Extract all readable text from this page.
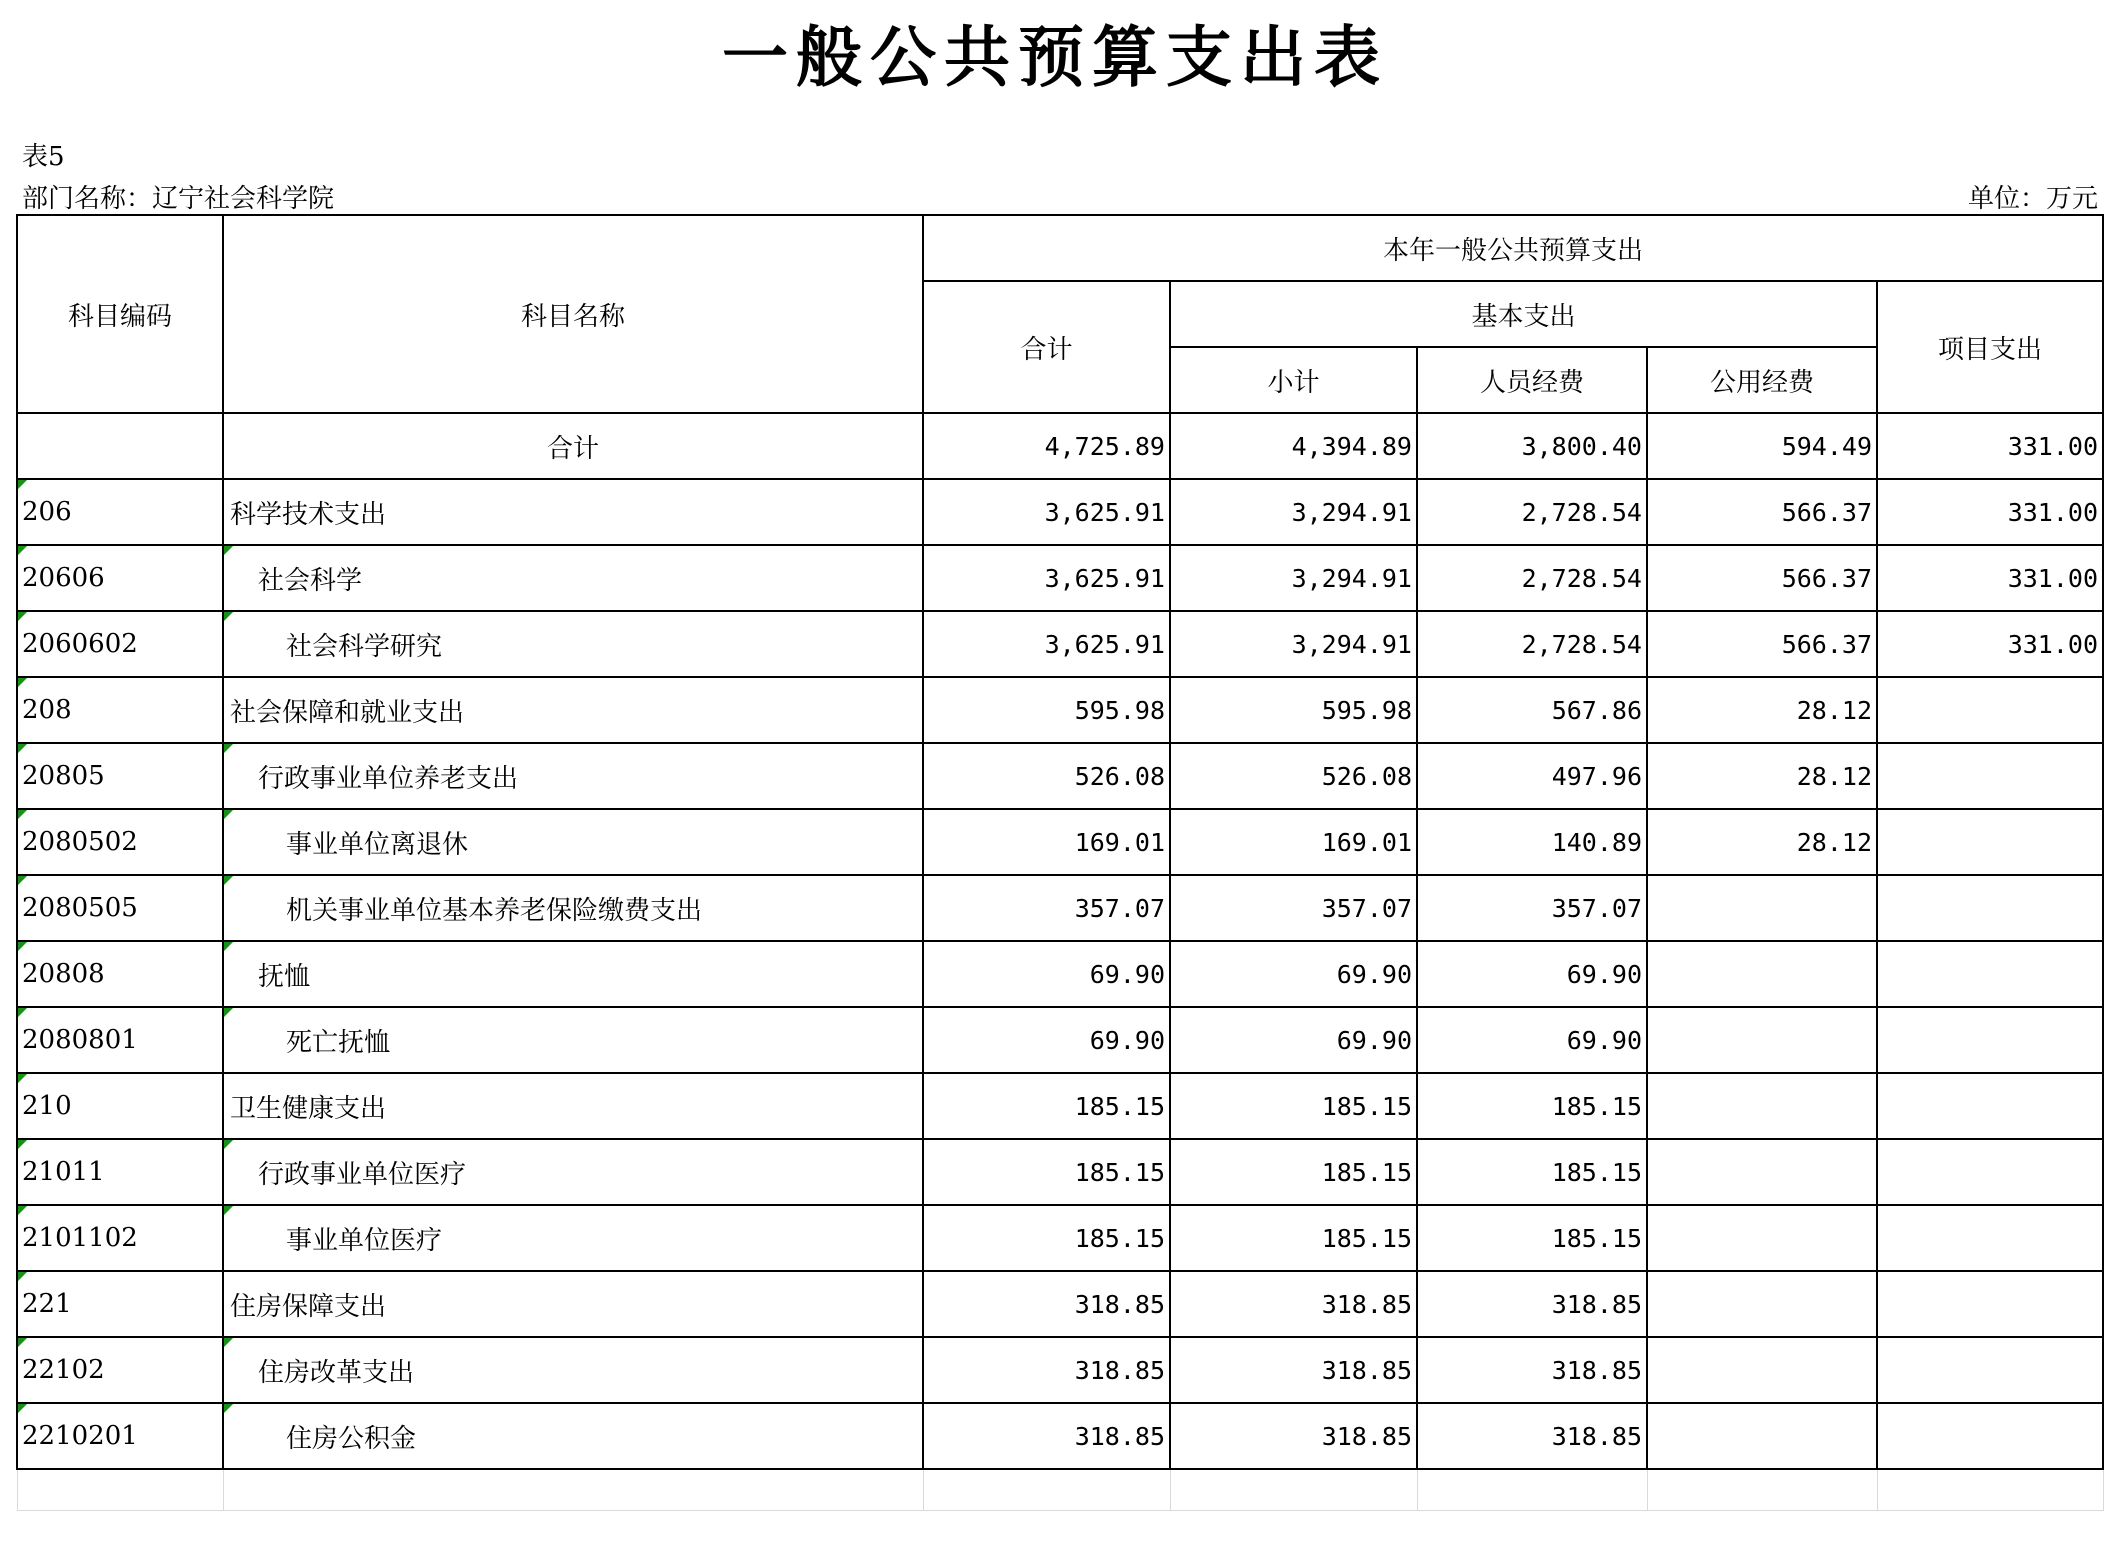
一般公共预算支出表
表5
部门名称：辽宁社会科学院	单位：万元
科目编码	科目名称	本年一般公共预算支出				
		合计	基本支出			项目支出
			小计	人员经费	公用经费	
	合计	4,725.89	4,394.89	3,800.40	594.49	331.00
206	科学技术支出	3,625.91	3,294.91	2,728.54	566.37	331.00
20606	社会科学	3,625.91	3,294.91	2,728.54	566.37	331.00
2060602	社会科学研究	3,625.91	3,294.91	2,728.54	566.37	331.00
208	社会保障和就业支出	595.98	595.98	567.86	28.12	
20805	行政事业单位养老支出	526.08	526.08	497.96	28.12	
2080502	事业单位离退休	169.01	169.01	140.89	28.12	
2080505	机关事业单位基本养老保险缴费支出	357.07	357.07	357.07		
20808	抚恤	69.90	69.90	69.90		
2080801	死亡抚恤	69.90	69.90	69.90		
210	卫生健康支出	185.15	185.15	185.15		
21011	行政事业单位医疗	185.15	185.15	185.15		
2101102	事业单位医疗	185.15	185.15	185.15		
221	住房保障支出	318.85	318.85	318.85		
22102	住房改革支出	318.85	318.85	318.85		
2210201	住房公积金	318.85	318.85	318.85		
